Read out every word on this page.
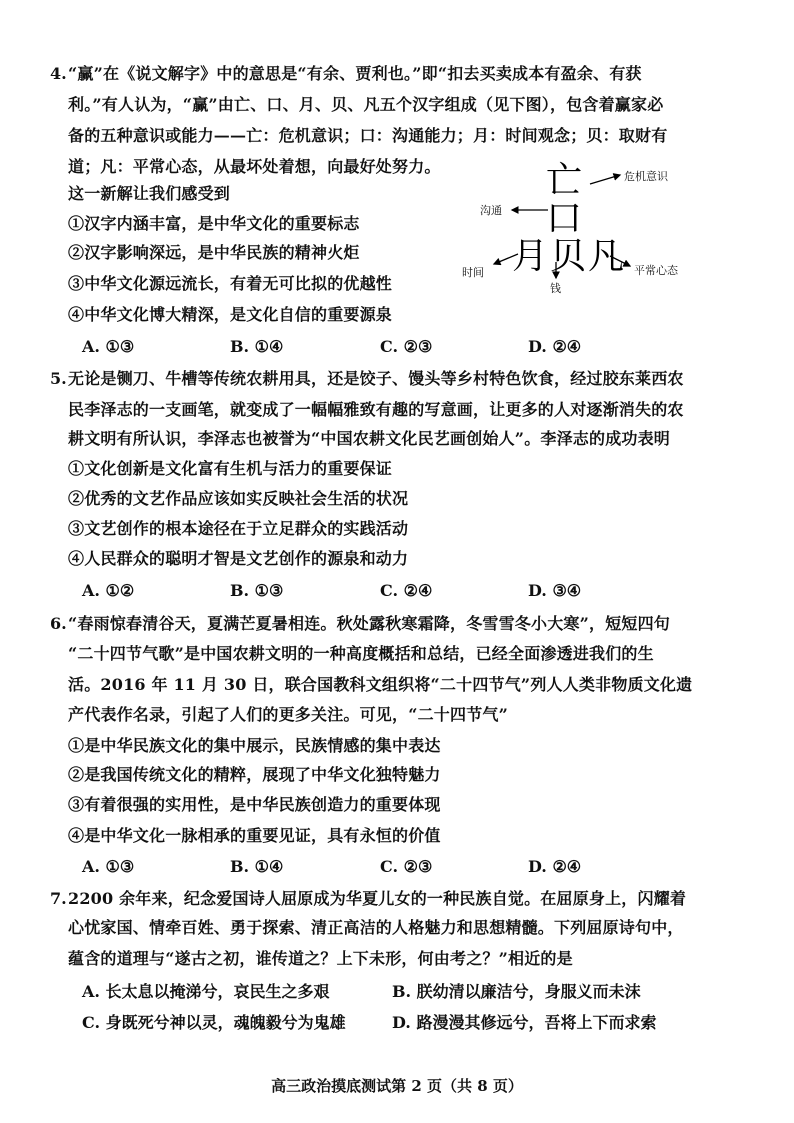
4. “赢”在《说文解字》中的意思是“有余、贾利也。”即“扣去买卖成本有盈余、有获
利。”有人认为，“赢”由亡、口、月、贝、凡五个汉字组成（见下图），包含着赢家必
备的五种意识或能力——亡：危机意识；口：沟通能力；月：时间观念；贝：取财有
道；凡：平常心态，从最坏处着想，向最好处努力。
这一新解让我们感受到
①汉字内涵丰富，是中华文化的重要标志
②汉字影响深远，是中华民族的精神火炬
③中华文化源远流长，有着无可比拟的优越性
④中华文化博大精深，是文化自信的重要源泉
A. ①③	B. ①④	C. ②③	D. ②④
亡
口
月 贝 凡
危机意识
沟通
时间
钱
平常心态
5. 无论是铡刀、牛槽等传统农耕用具，还是饺子、馒头等乡村特色饮食，经过胶东莱西农
民李泽志的一支画笔，就变成了一幅幅雅致有趣的写意画，让更多的人对逐渐消失的农
耕文明有所认识，李泽志也被誉为“中国农耕文化民艺画创始人”。李泽志的成功表明
①文化创新是文化富有生机与活力的重要保证
②优秀的文艺作品应该如实反映社会生活的状况
③文艺创作的根本途径在于立足群众的实践活动
④人民群众的聪明才智是文艺创作的源泉和动力
A. ①②	B. ①③	C. ②④	D. ③④
6. “春雨惊春清谷天，夏满芒夏暑相连。秋处露秋寒霜降，冬雪雪冬小大寒”，短短四句
“二十四节气歌”是中国农耕文明的一种高度概括和总结，已经全面渗透进我们的生
活。2016 年 11 月 30 日，联合国教科文组织将“二十四节气”列人人类非物质文化遗
产代表作名录，引起了人们的更多关注。可见，“二十四节气”
①是中华民族文化的集中展示，民族情感的集中表达
②是我国传统文化的精粹，展现了中华文化独特魅力
③有着很强的实用性，是中华民族创造力的重要体现
④是中华文化一脉相承的重要见证，具有永恒的价值
A. ①③	B. ①④	C. ②③	D. ②④
7. 2200 余年来，纪念爱国诗人屈原成为华夏儿女的一种民族自觉。在屈原身上，闪耀着
心忧家国、情牵百姓、勇于探索、清正高洁的人格魅力和思想精髓。下列屈原诗句中，
蕴含的道理与“遂古之初，谁传道之？上下未形，何由考之？”相近的是
A. 长太息以掩涕兮，哀民生之多艰	B. 朕幼清以廉洁兮，身服义而未沫
C. 身既死兮神以灵，魂魄毅兮为鬼雄	D. 路漫漫其修远兮，吾将上下而求索
高三政治摸底测试第 2 页（共 8 页）
